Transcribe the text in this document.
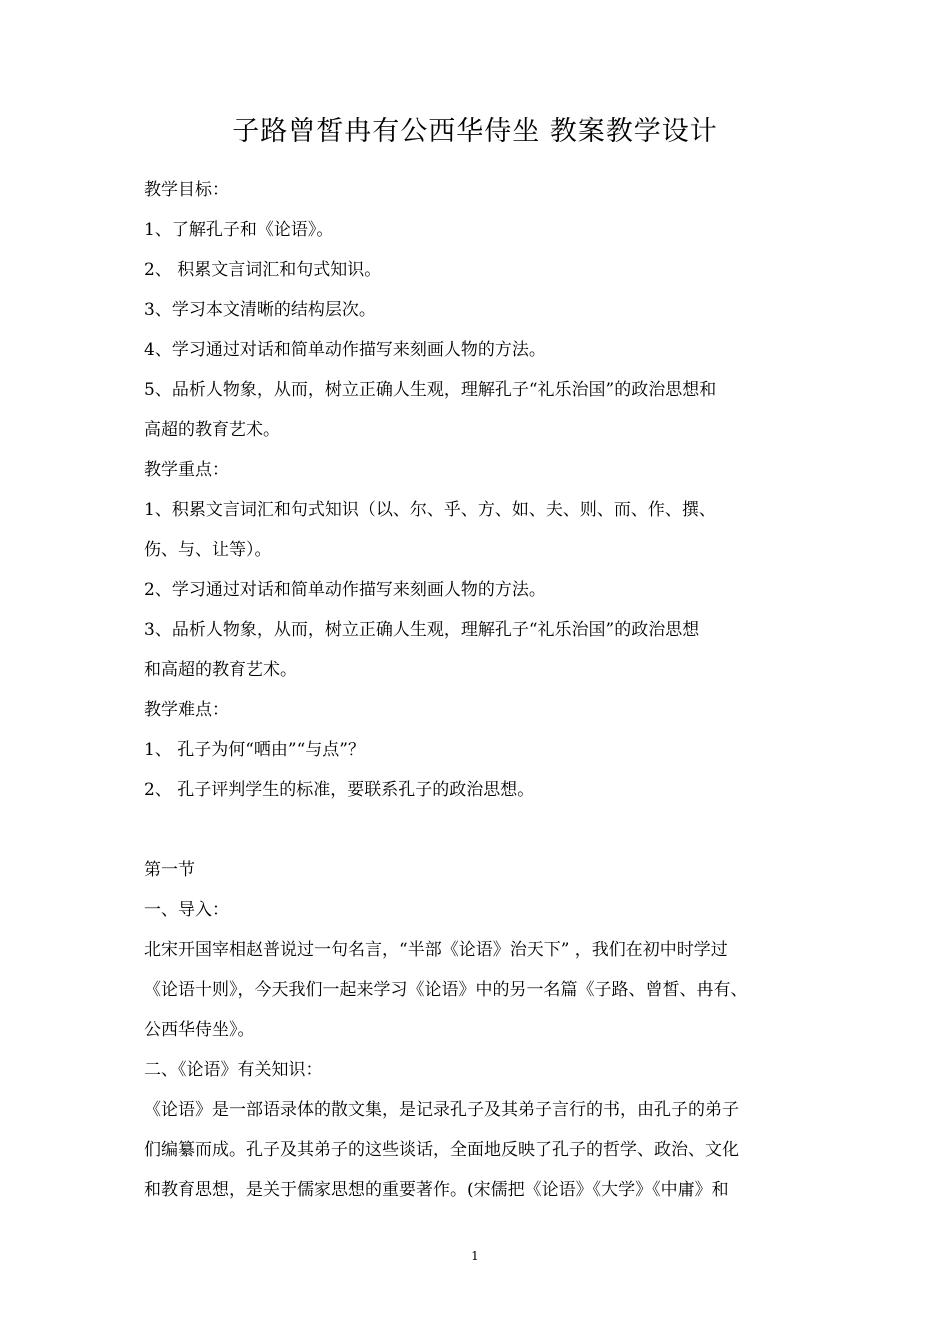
子路曾皙冉有公西华侍坐 教案教学设计
教学目标：
1、了解孔子和《论语》。
2、 积累文言词汇和句式知识。
3、学习本文清晰的结构层次。
4、学习通过对话和简单动作描写来刻画人物的方法。
5、品析人物象，从而，树立正确人生观，理解孔子“礼乐治国”的政治思想和
高超的教育艺术。
教学重点：
1、积累文言词汇和句式知识（以、尔、乎、方、如、夫、则、而、作、撰、
伤、与、让等）。
2、学习通过对话和简单动作描写来刻画人物的方法。
3、品析人物象，从而，树立正确人生观，理解孔子“礼乐治国”的政治思想
和高超的教育艺术。
教学难点：
1、 孔子为何“哂由”“与点”？
2、 孔子评判学生的标准，要联系孔子的政治思想。
第一节
一、导入：
北宋开国宰相赵普说过一句名言，“半部《论语》治天下” ，我们在初中时学过
《论语十则》，今天我们一起来学习《论语》中的另一名篇《子路、曾皙、冉有、
公西华侍坐》。
二、《论语》有关知识：
《论语》是一部语录体的散文集，是记录孔子及其弟子言行的书，由孔子的弟子
们编纂而成。孔子及其弟子的这些谈话，全面地反映了孔子的哲学、政治、文化
和教育思想，是关于儒家思想的重要著作。(宋儒把《论语》《大学》《中庸》和
1
